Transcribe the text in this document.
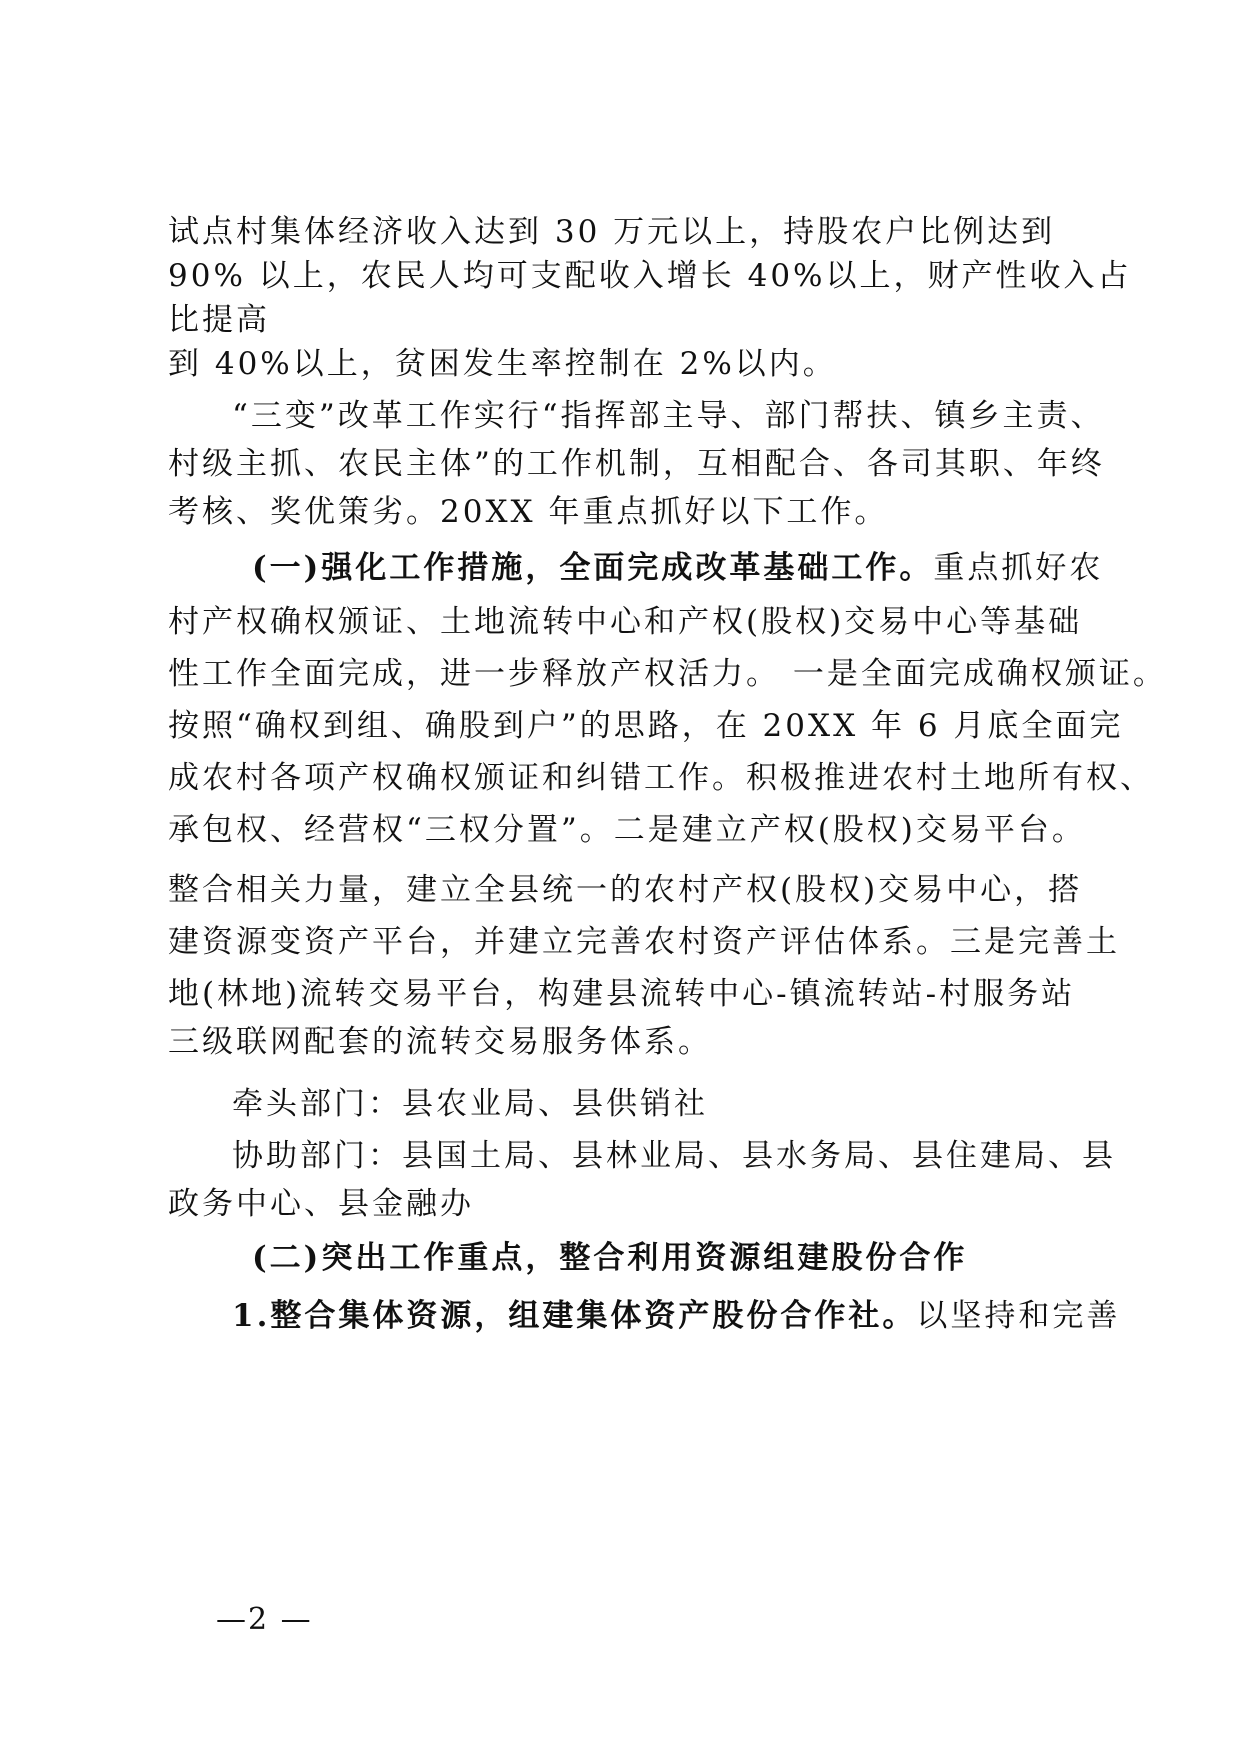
试点村集体经济收入达到 30 万元以上，持股农户比例达到

90% 以上，农民人均可支配收入增长 40%以上，财产性收入占

比提高

到 40%以上，贫困发生率控制在 2%以内。

“三变”改革工作实行“指挥部主导、部门帮扶、镇乡主责、

村级主抓、农民主体”的工作机制，互相配合、各司其职、年终

考核、奖优策劣。20XX 年重点抓好以下工作。

(一)强化工作措施，全面完成改革基础工作。重点抓好农

村产权确权颁证、土地流转中心和产权(股权)交易中心等基础

性工作全面完成，进一步释放产权活力。 一是全面完成确权颁证。

按照“确权到组、确股到户”的思路，在 20XX 年 6 月底全面完

成农村各项产权确权颁证和纠错工作。积极推进农村土地所有权、

承包权、经营权“三权分置”。二是建立产权(股权)交易平台。

整合相关力量，建立全县统一的农村产权(股权)交易中心，搭

建资源变资产平台，并建立完善农村资产评估体系。三是完善土

地(林地)流转交易平台，构建县流转中心-镇流转站-村服务站

三级联网配套的流转交易服务体系。

牵头部门：县农业局、县供销社

协助部门：县国土局、县林业局、县水务局、县住建局、县

政务中心、县金融办

(二)突出工作重点，整合利用资源组建股份合作

1.整合集体资源，组建集体资产股份合作社。以坚持和完善

—2 —
